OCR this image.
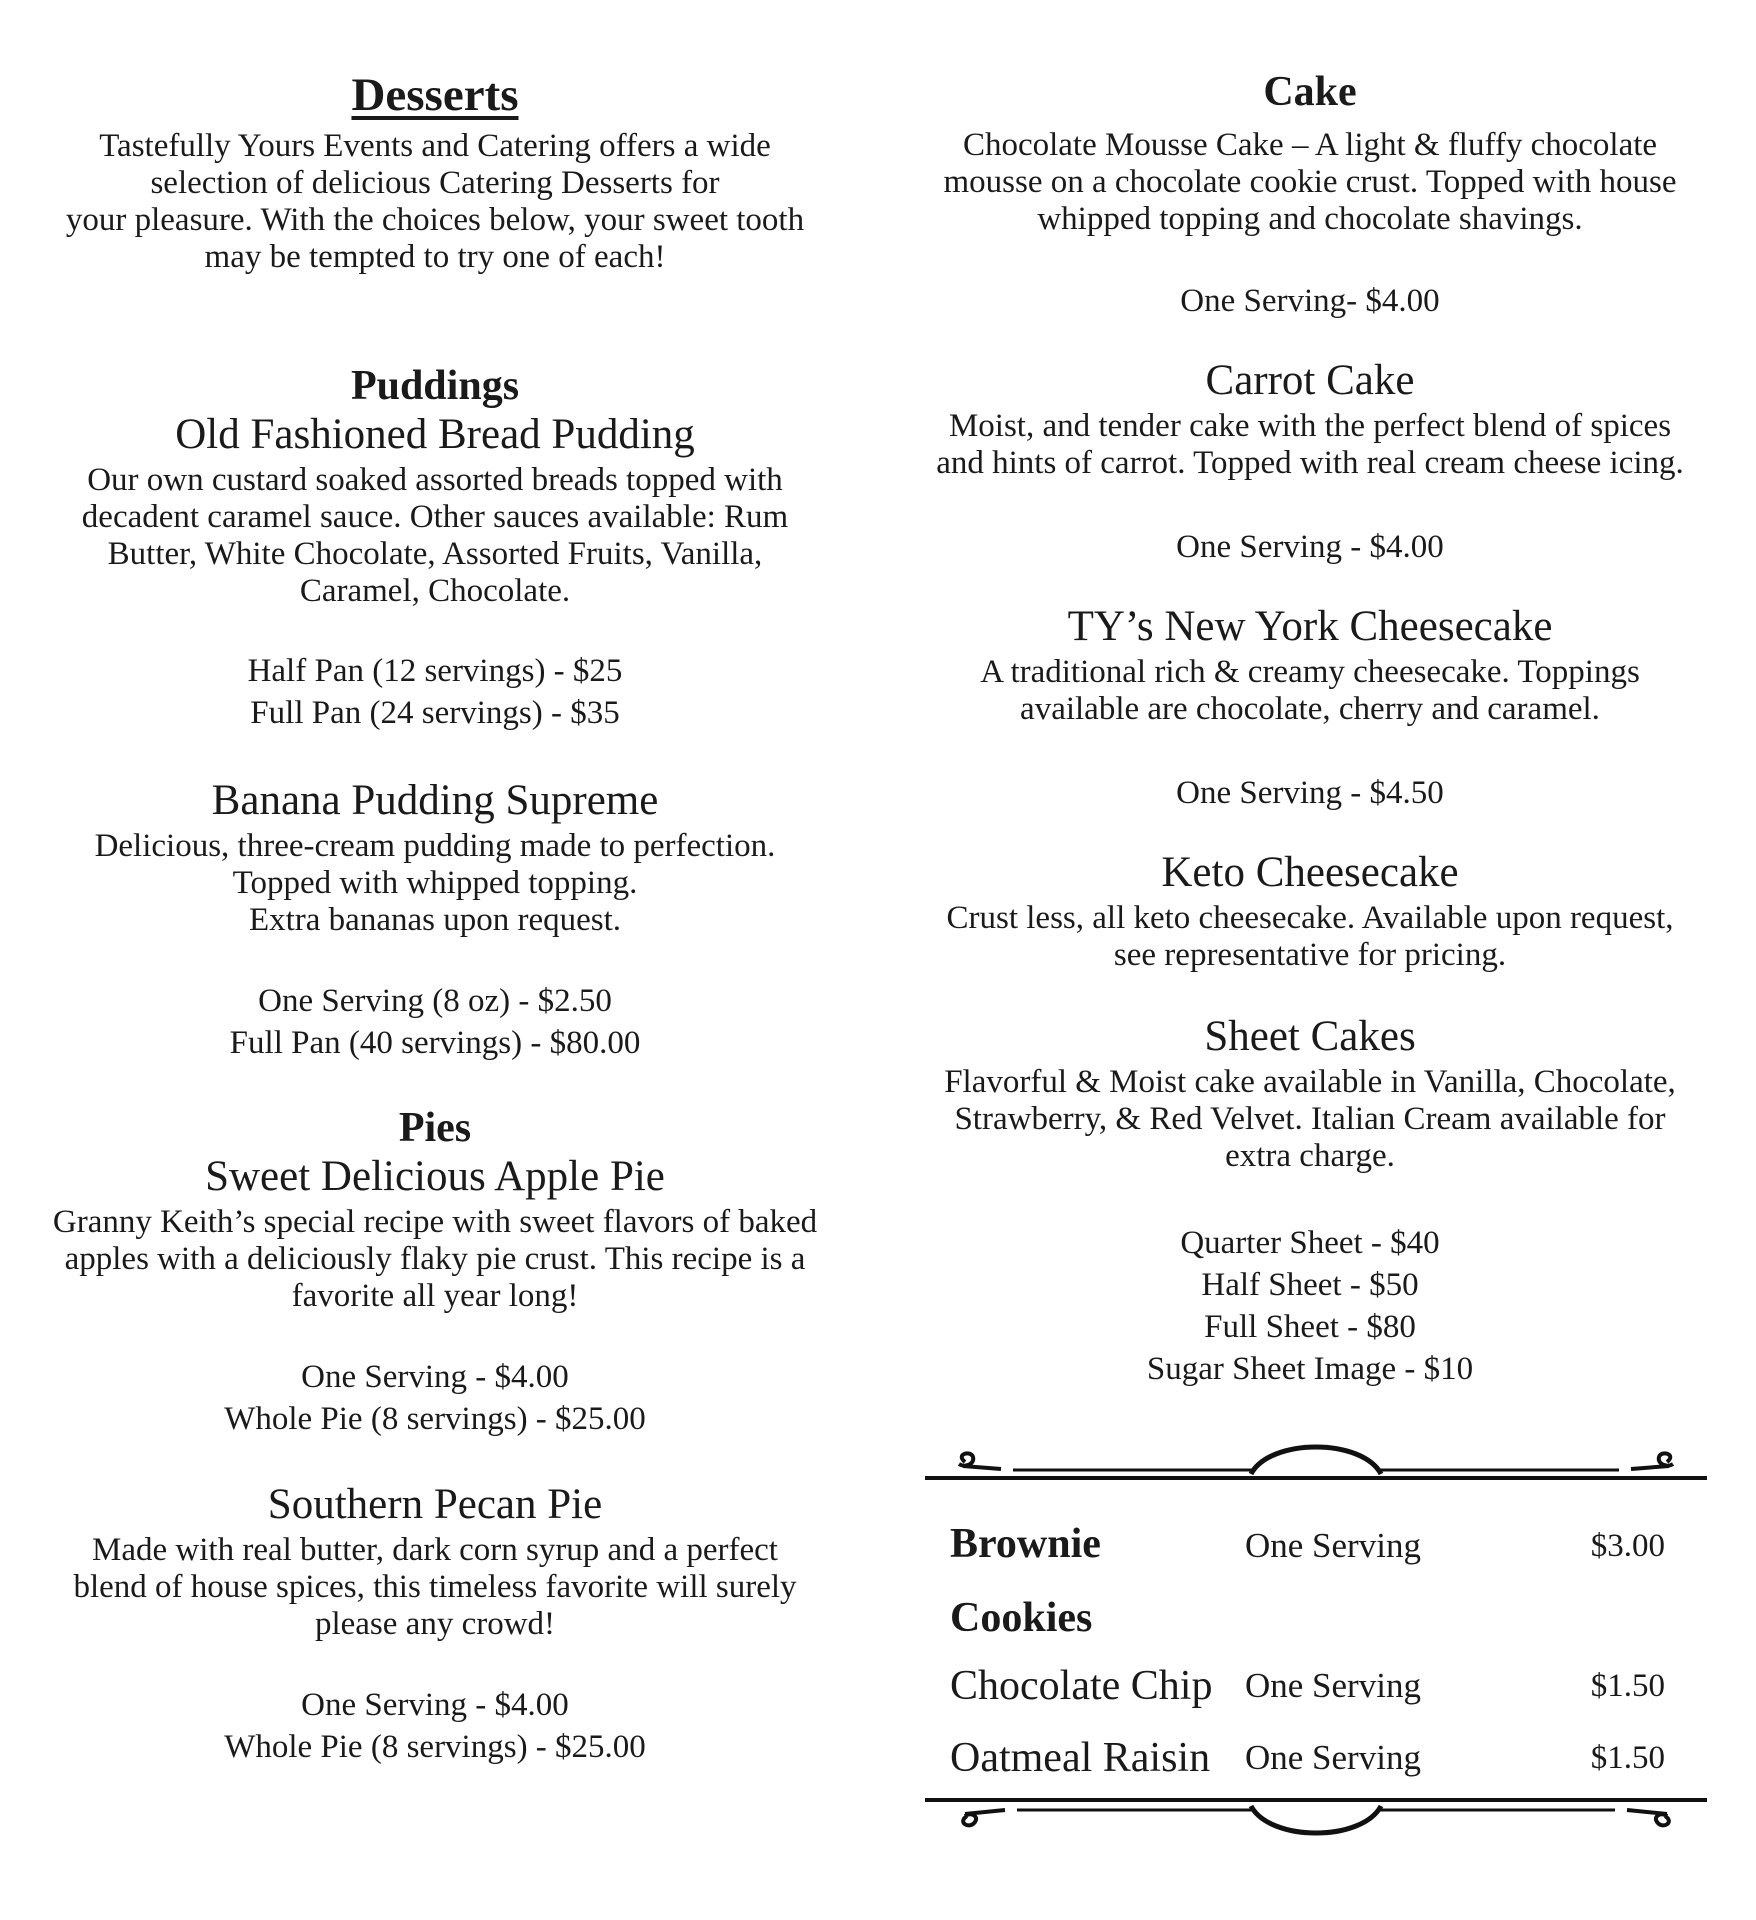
Desserts
Tastefully Yours Events and Catering offers a wide
selection of delicious Catering Desserts for
your pleasure. With the choices below, your sweet tooth
may be tempted to try one of each!
Puddings
Old Fashioned Bread Pudding
Our own custard soaked assorted breads topped with
decadent caramel sauce. Other sauces available: Rum
Butter, White Chocolate, Assorted Fruits, Vanilla,
Caramel, Chocolate.
Half Pan (12 servings) - $25
Full Pan (24 servings) - $35
Banana Pudding Supreme
Delicious, three-cream pudding made to perfection.
Topped with whipped topping.
Extra bananas upon request.
One Serving (8 oz) - $2.50
Full Pan (40 servings) - $80.00
Pies
Sweet Delicious Apple Pie
Granny Keith’s special recipe with sweet flavors of baked
apples with a deliciously flaky pie crust. This recipe is a
favorite all year long!
One Serving - $4.00
Whole Pie (8 servings) - $25.00
Southern Pecan Pie
Made with real butter, dark corn syrup and a perfect
blend of house spices, this timeless favorite will surely
please any crowd!
One Serving - $4.00
Whole Pie (8 servings) - $25.00
Cake
Chocolate Mousse Cake – A light & fluffy chocolate
mousse on a chocolate cookie crust. Topped with house
whipped topping and chocolate shavings.
One Serving- $4.00
Carrot Cake
Moist, and tender cake with the perfect blend of spices
and hints of carrot. Topped with real cream cheese icing.
One Serving - $4.00
TY’s New York Cheesecake
A traditional rich & creamy cheesecake. Toppings
available are chocolate, cherry and caramel.
One Serving - $4.50
Keto Cheesecake
Crust less, all keto cheesecake. Available upon request,
see representative for pricing.
Sheet Cakes
Flavorful & Moist cake available in Vanilla, Chocolate,
Strawberry, & Red Velvet. Italian Cream available for
extra charge.
Quarter Sheet - $40
Half Sheet - $50
Full Sheet - $80
Sugar Sheet Image - $10
Brownie	One Serving	$3.00
Cookies
Chocolate Chip One Serving	$1.50
Oatmeal Raisin One Serving	$1.50
